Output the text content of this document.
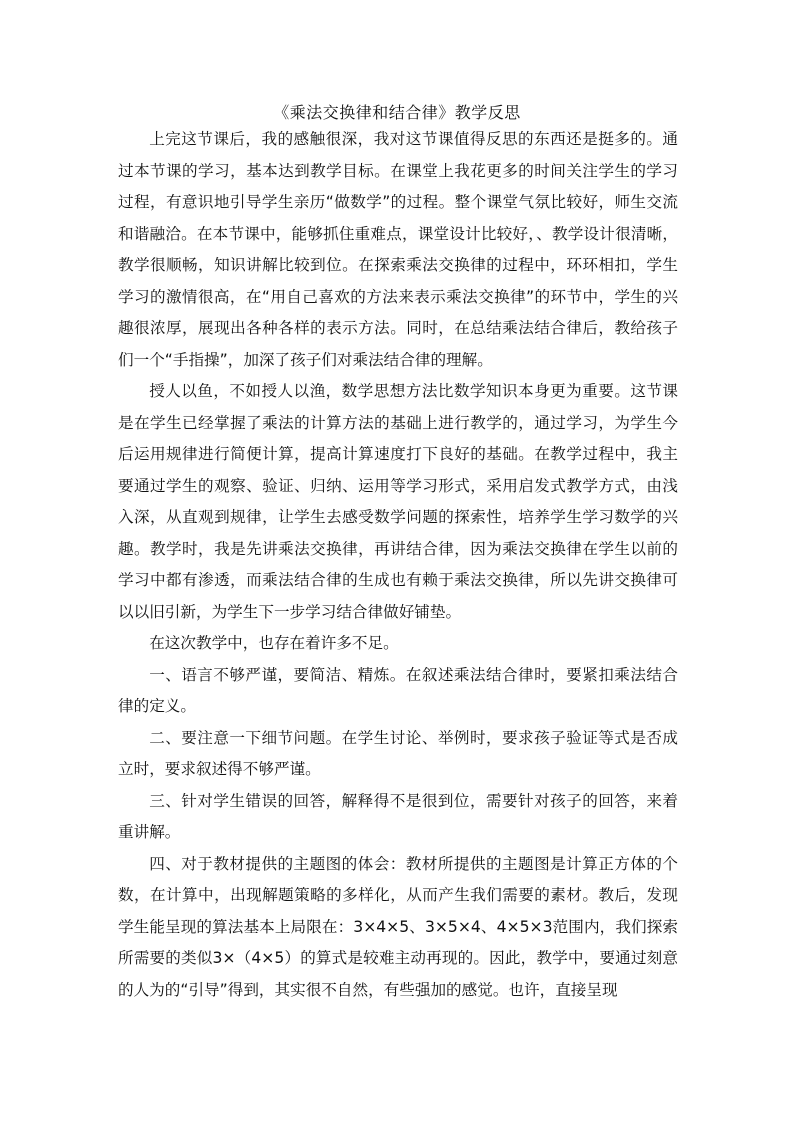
《乘法交换律和结合律》教学反思

上完这节课后，我的感触很深，我对这节课值得反思的东西还是挺多的。通过本节课的学习，基本达到教学目标。在课堂上我花更多的时间关注学生的学习过程，有意识地引导学生亲历“做数学”的过程。整个课堂气氛比较好，师生交流和谐融洽。在本节课中，能够抓住重难点，课堂设计比较好，、教学设计很清晰，教学很顺畅，知识讲解比较到位。在探索乘法交换律的过程中，环环相扣，学生学习的激情很高，在“用自己喜欢的方法来表示乘法交换律”的环节中，学生的兴趣很浓厚，展现出各种各样的表示方法。同时，在总结乘法结合律后，教给孩子们一个“手指操”，加深了孩子们对乘法结合律的理解。

授人以鱼，不如授人以渔，数学思想方法比数学知识本身更为重要。这节课是在学生已经掌握了乘法的计算方法的基础上进行教学的，通过学习，为学生今后运用规律进行简便计算，提高计算速度打下良好的基础。在教学过程中，我主要通过学生的观察、验证、归纳、运用等学习形式，采用启发式教学方式，由浅入深，从直观到规律，让学生去感受数学问题的探索性，培养学生学习数学的兴趣。教学时，我是先讲乘法交换律，再讲结合律，因为乘法交换律在学生以前的学习中都有渗透，而乘法结合律的生成也有赖于乘法交换律，所以先讲交换律可以以旧引新，为学生下一步学习结合律做好铺垫。

在这次教学中，也存在着许多不足。

一、语言不够严谨，要简洁、精炼。在叙述乘法结合律时，要紧扣乘法结合律的定义。

二、要注意一下细节问题。在学生讨论、举例时，要求孩子验证等式是否成立时，要求叙述得不够严谨。

三、针对学生错误的回答，解释得不是很到位，需要针对孩子的回答，来着重讲解。

四、对于教材提供的主题图的体会：教材所提供的主题图是计算正方体的个数，在计算中，出现解题策略的多样化，从而产生我们需要的素材。教后，发现学生能呈现的算法基本上局限在：3×4×5、3×5×4、4×5×3范围内，我们探索所需要的类似3×（4×5）的算式是较难主动再现的。因此，教学中，要通过刻意的人为的“引导”得到，其实很不自然，有些强加的感觉。也许，直接呈现
